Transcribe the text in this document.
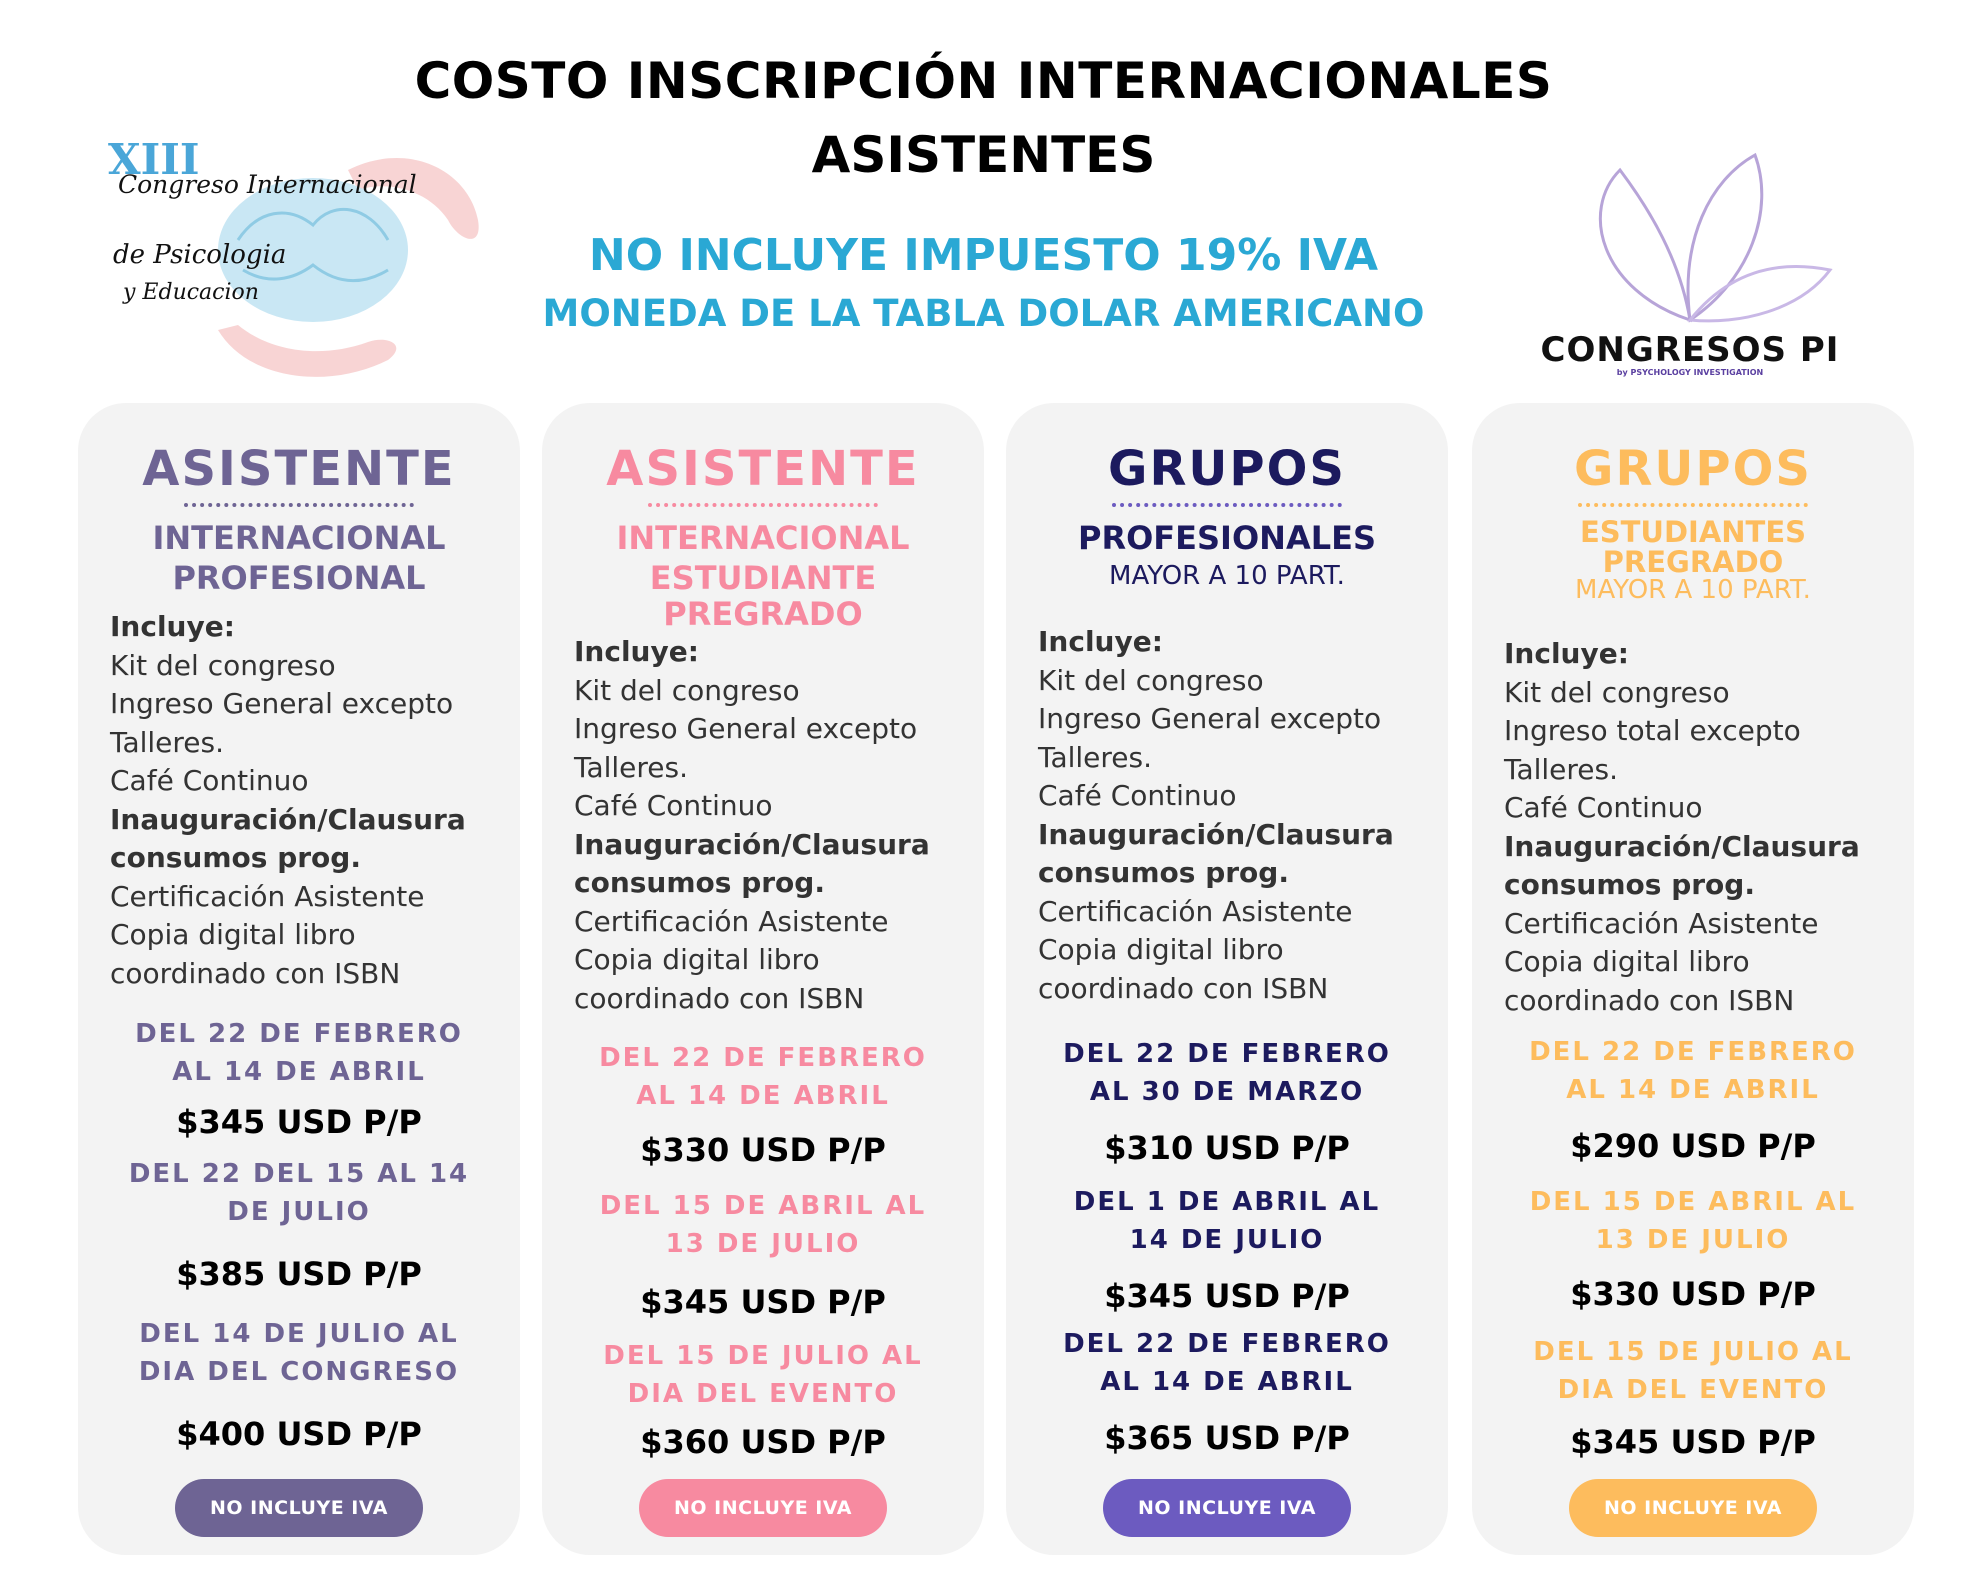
COSTO INSCRIPCIÓN INTERNACIONALES
ASISTENTES
NO INCLUYE IMPUESTO 19% IVA
MONEDA DE LA TABLA DOLAR AMERICANO
XIII
Congreso Internacional
de Psicologia
y Educacion
CONGRESOS PI
by PSYCHOLOGY INVESTIGATION
ASISTENTE
INTERNACIONAL
PROFESIONAL
Incluye:
Kit del congreso
Ingreso General excepto
Talleres.
Café Continuo
Inauguración/Clausura
consumos prog.
Certificación Asistente
Copia digital libro
coordinado con ISBN
DEL 22 DE FEBRERO
AL 14 DE ABRIL
$345 USD P/P
DEL 22 DEL 15 AL 14
DE JULIO
$385 USD P/P
DEL 14 DE JULIO AL
DIA DEL CONGRESO
$400 USD P/P
NO INCLUYE IVA
ASISTENTE
INTERNACIONAL
ESTUDIANTE
PREGRADO
Incluye:
Kit del congreso
Ingreso General excepto
Talleres.
Café Continuo
Inauguración/Clausura
consumos prog.
Certificación Asistente
Copia digital libro
coordinado con ISBN
DEL 22 DE FEBRERO
AL 14 DE ABRIL
$330 USD P/P
DEL 15 DE ABRIL AL
13 DE JULIO
$345 USD P/P
DEL 15 DE JULIO AL
DIA DEL EVENTO
$360 USD P/P
NO INCLUYE IVA
GRUPOS
PROFESIONALES
MAYOR A 10 PART.
Incluye:
Kit del congreso
Ingreso General excepto
Talleres.
Café Continuo
Inauguración/Clausura
consumos prog.
Certificación Asistente
Copia digital libro
coordinado con ISBN
DEL 22 DE FEBRERO
AL 30 DE MARZO
$310 USD P/P
DEL 1 DE ABRIL AL
14 DE JULIO
$345 USD P/P
DEL 22 DE FEBRERO
AL 14 DE ABRIL
$365 USD P/P
NO INCLUYE IVA
GRUPOS
ESTUDIANTES
PREGRADO
MAYOR A 10 PART.
Incluye:
Kit del congreso
Ingreso total excepto
Talleres.
Café Continuo
Inauguración/Clausura
consumos prog.
Certificación Asistente
Copia digital libro
coordinado con ISBN
DEL 22 DE FEBRERO
AL 14 DE ABRIL
$290 USD P/P
DEL 15 DE ABRIL AL
13 DE JULIO
$330 USD P/P
DEL 15 DE JULIO AL
DIA DEL EVENTO
$345 USD P/P
NO INCLUYE IVA
